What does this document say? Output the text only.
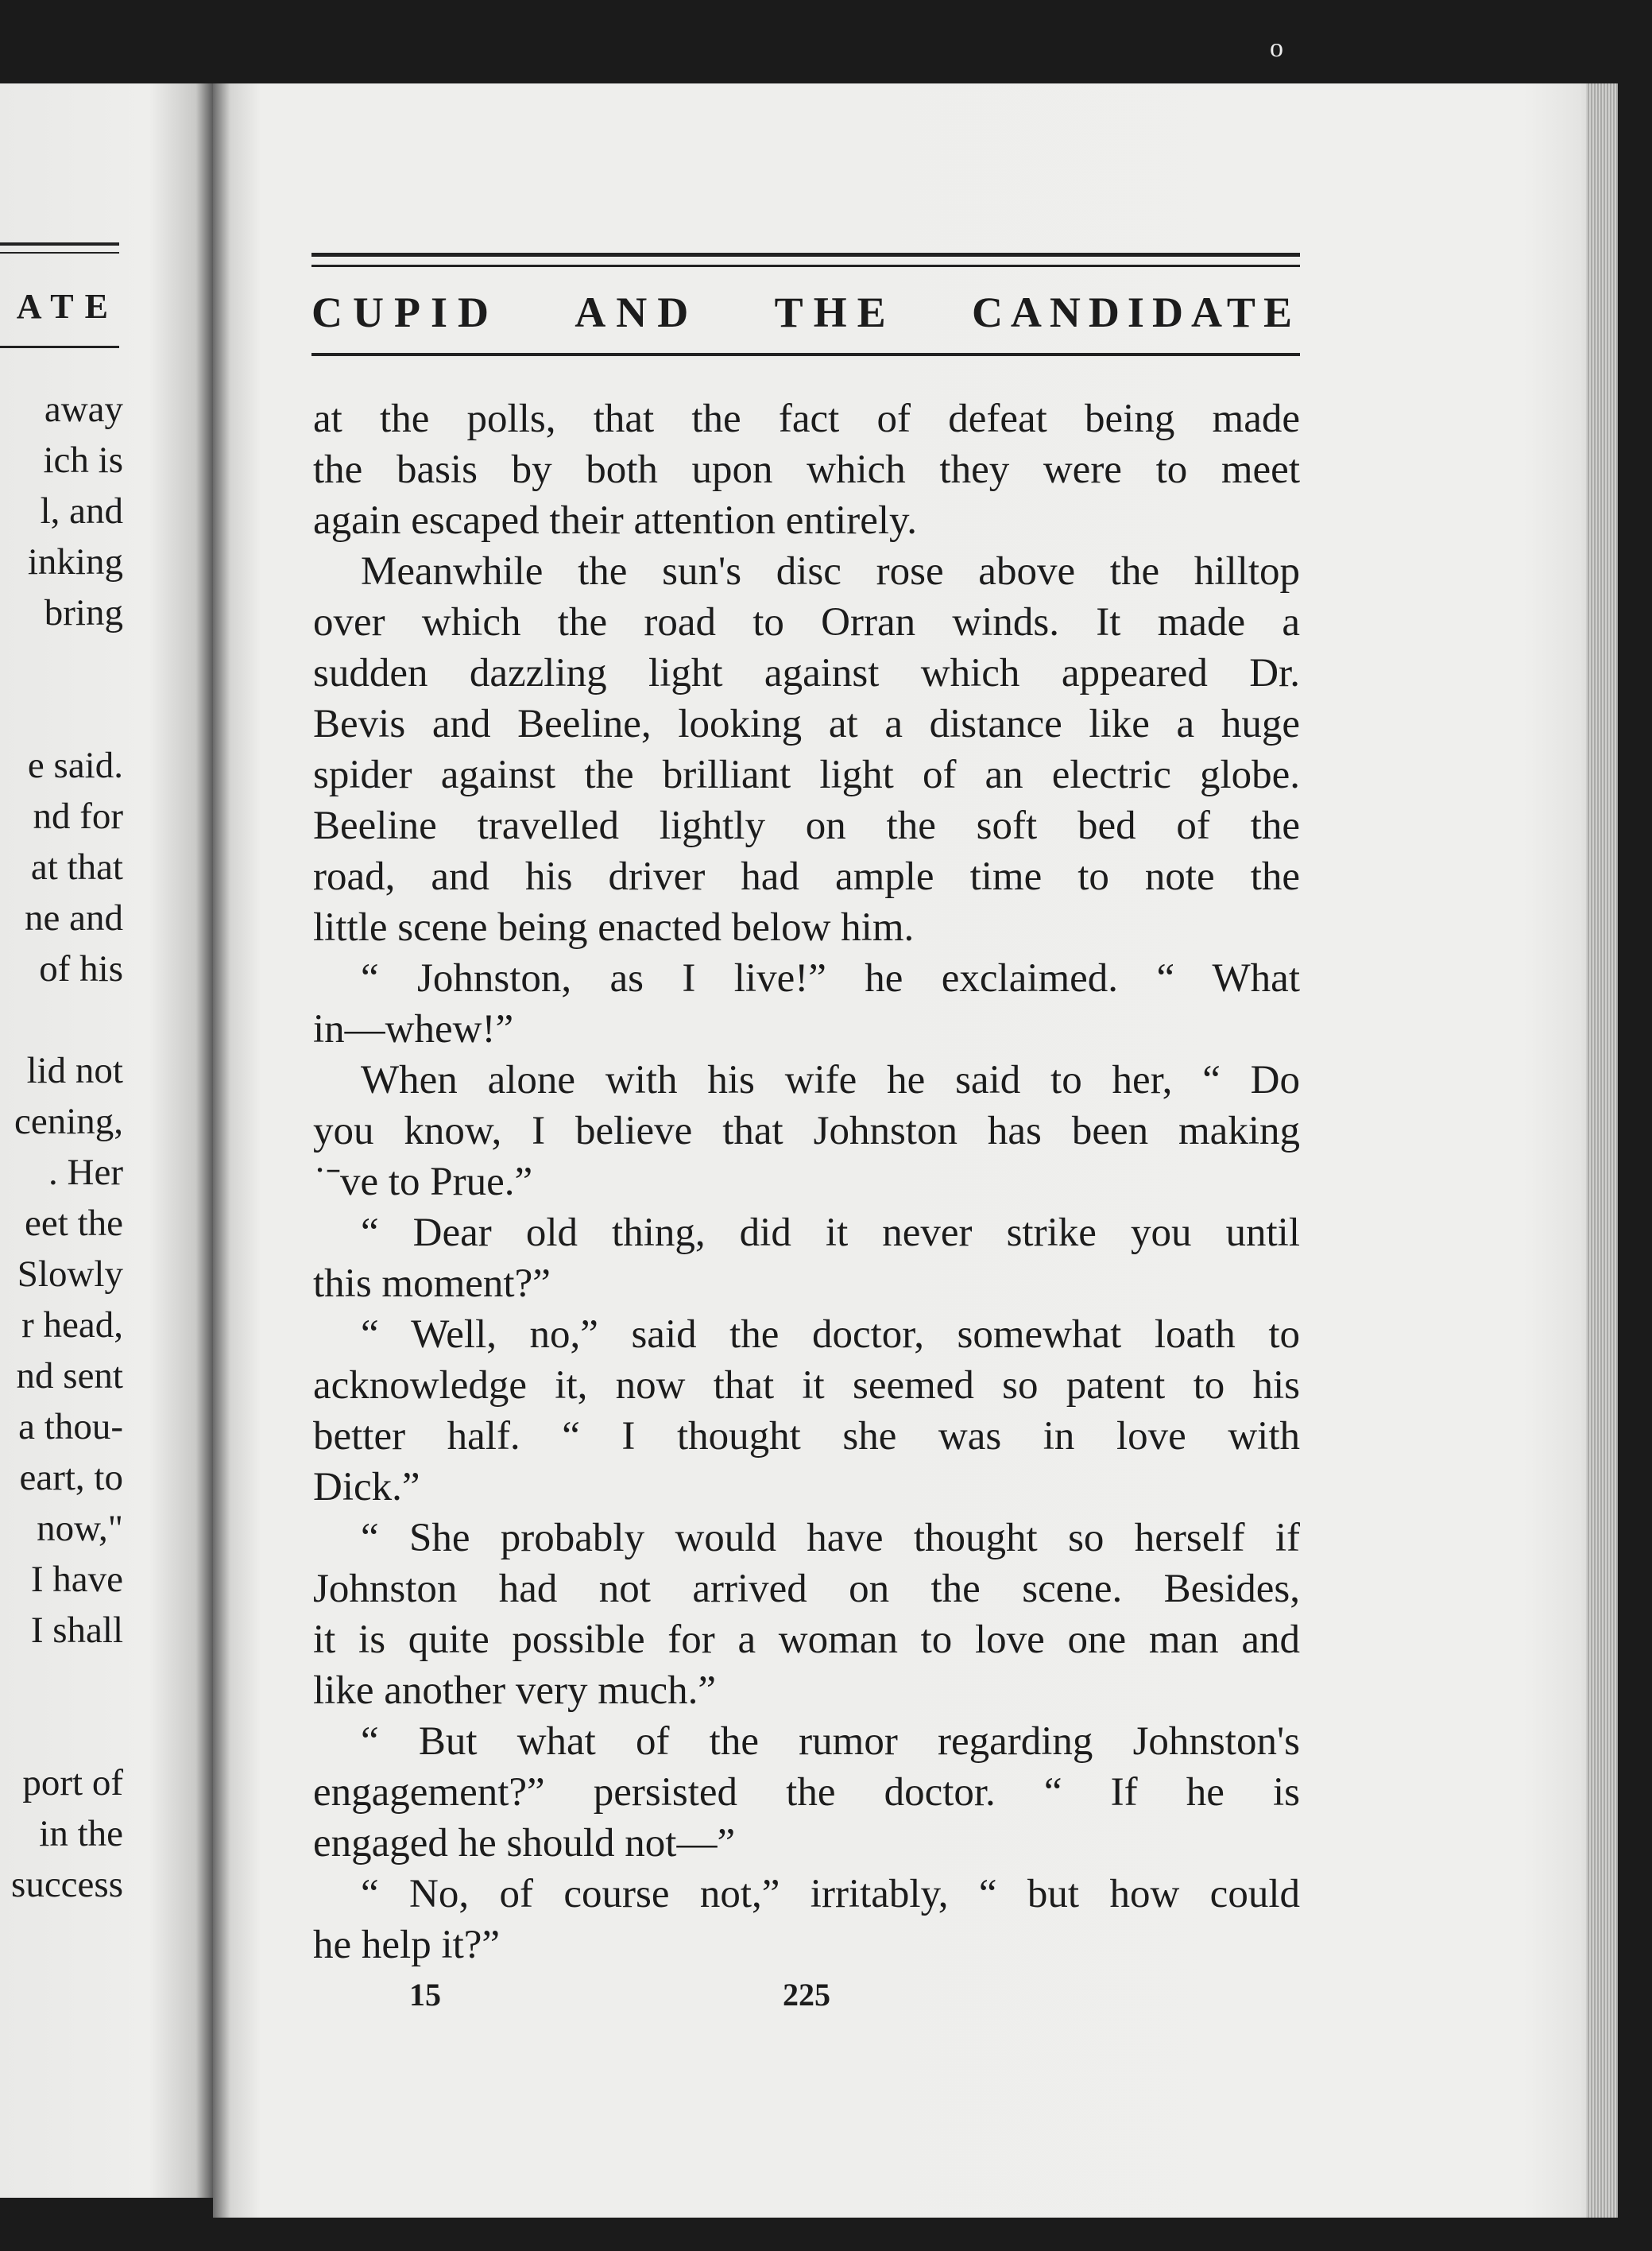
o
ATE
away
ich is
l, and
inking
bring
e said.
nd for
at that
ne and
of his
lid not
cening,
. Her
eet the
Slowly
r head,
nd sent
a thou-
eart, to
now,"
I have
I shall
port of
in the
success
CUPID AND THE CANDIDATE
at the polls, that the fact of defeat being made
the basis by both upon which they were to meet
again escaped their attention entirely.
Meanwhile the sun's disc rose above the hilltop
over which the road to Orran winds. It made a
sudden dazzling light against which appeared Dr.
Bevis and Beeline, looking at a distance like a huge
spider against the brilliant light of an electric globe.
Beeline travelled lightly on the soft bed of the
road, and his driver had ample time to note the
little scene being enacted below him.
“ Johnston, as I live!” he exclaimed. “ What
in—whew!”
When alone with his wife he said to her, “ Do
you know, I believe that Johnston has been making
˙ˉve to Prue.”
“ Dear old thing, did it never strike you until
this moment?”
“ Well, no,” said the doctor, somewhat loath to
acknowledge it, now that it seemed so patent to his
better half. “ I thought she was in love with
Dick.”
“ She probably would have thought so herself if
Johnston had not arrived on the scene. Besides,
it is quite possible for a woman to love one man and
like another very much.”
“ But what of the rumor regarding Johnston's
engagement?” persisted the doctor. “ If he is
engaged he should not—”
“ No, of course not,” irritably, “ but how could
he help it?”
15	225
